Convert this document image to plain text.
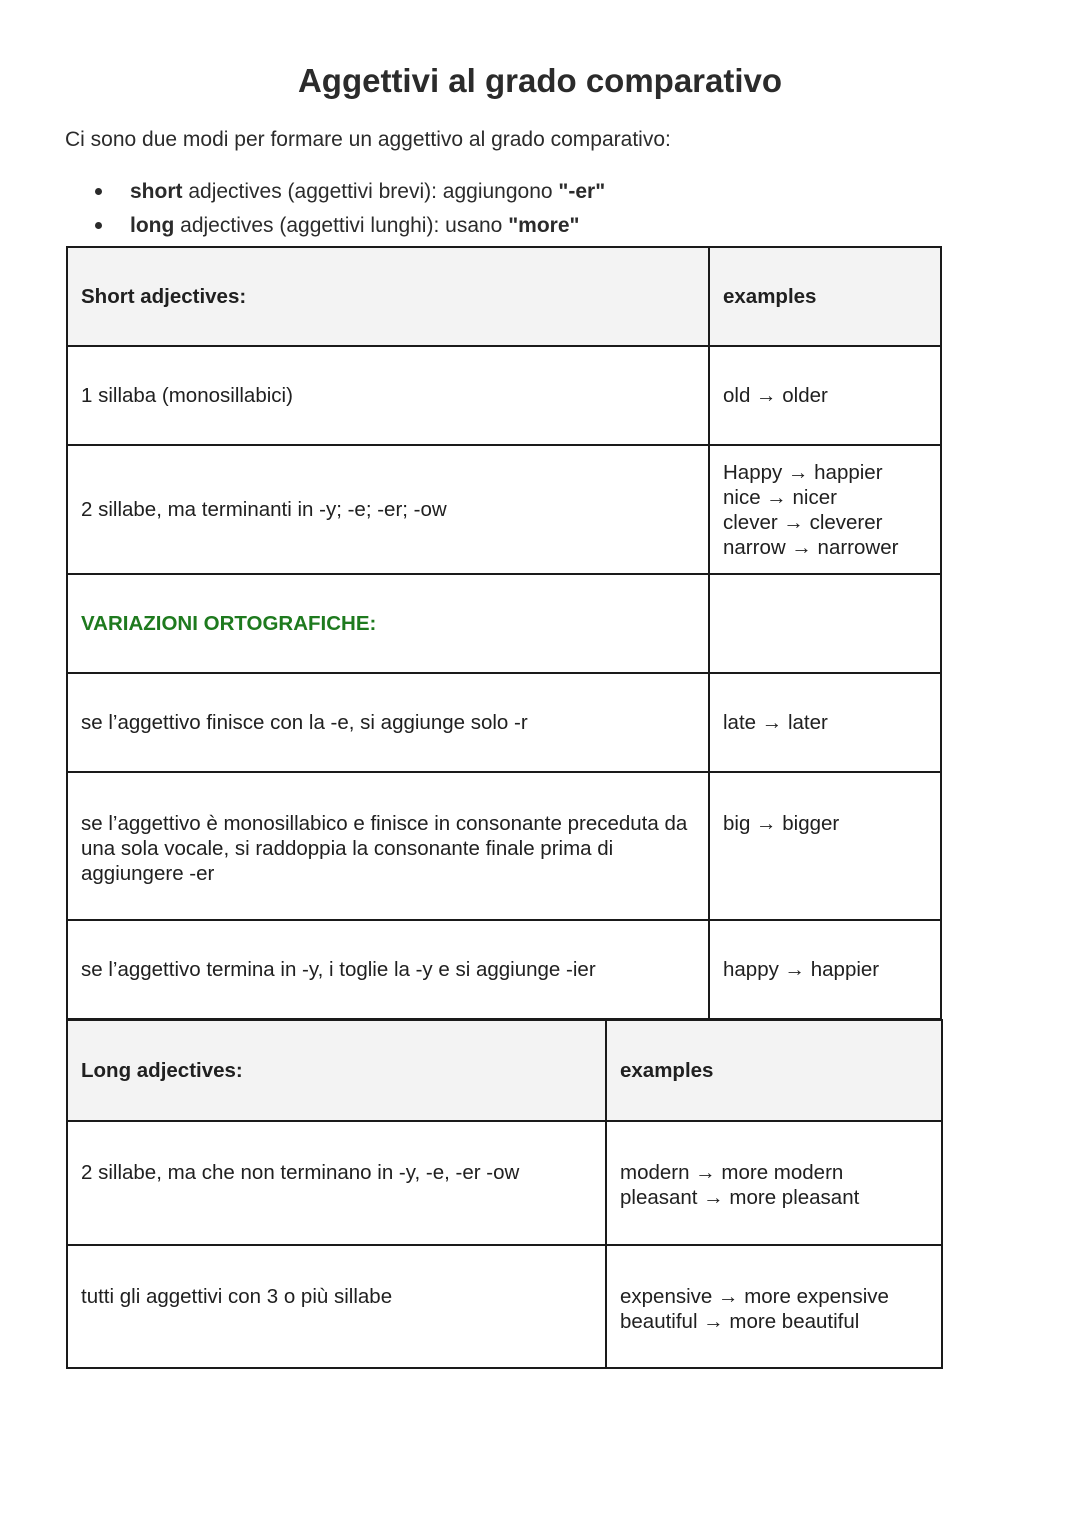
Aggettivi al grado comparativo
Ci sono due modi per formare un aggettivo al grado comparativo:
short adjectives (aggettivi brevi): aggiungono "-er"
long adjectives (aggettivi lunghi): usano "more"
Short adjectives:	examples
1 sillaba (monosillabici)	old → older

2 sillabe, ma terminanti in -y; -e; -er; -ow	Happy → happier
nice → nicer
clever → cleverer
narrow → narrower

VARIAZIONI ORTOGRAFICHE:	
se l’aggettivo finisce con la -e, si aggiunge solo -r	late → later

se l’aggettivo è monosillabico e finisce in consonante preceduta da una sola vocale, si raddoppia la consonante finale prima di aggiungere -er	big → bigger

se l’aggettivo termina in -y, i toglie la -y e si aggiunge -ier	happy → happier
Long adjectives:	examples
2 sillabe, ma che non terminano in -y, -e, -er -ow	modern → more modern
pleasant → more pleasant

tutti gli aggettivi con 3 o più sillabe	expensive → more expensive
beautiful → more beautiful
